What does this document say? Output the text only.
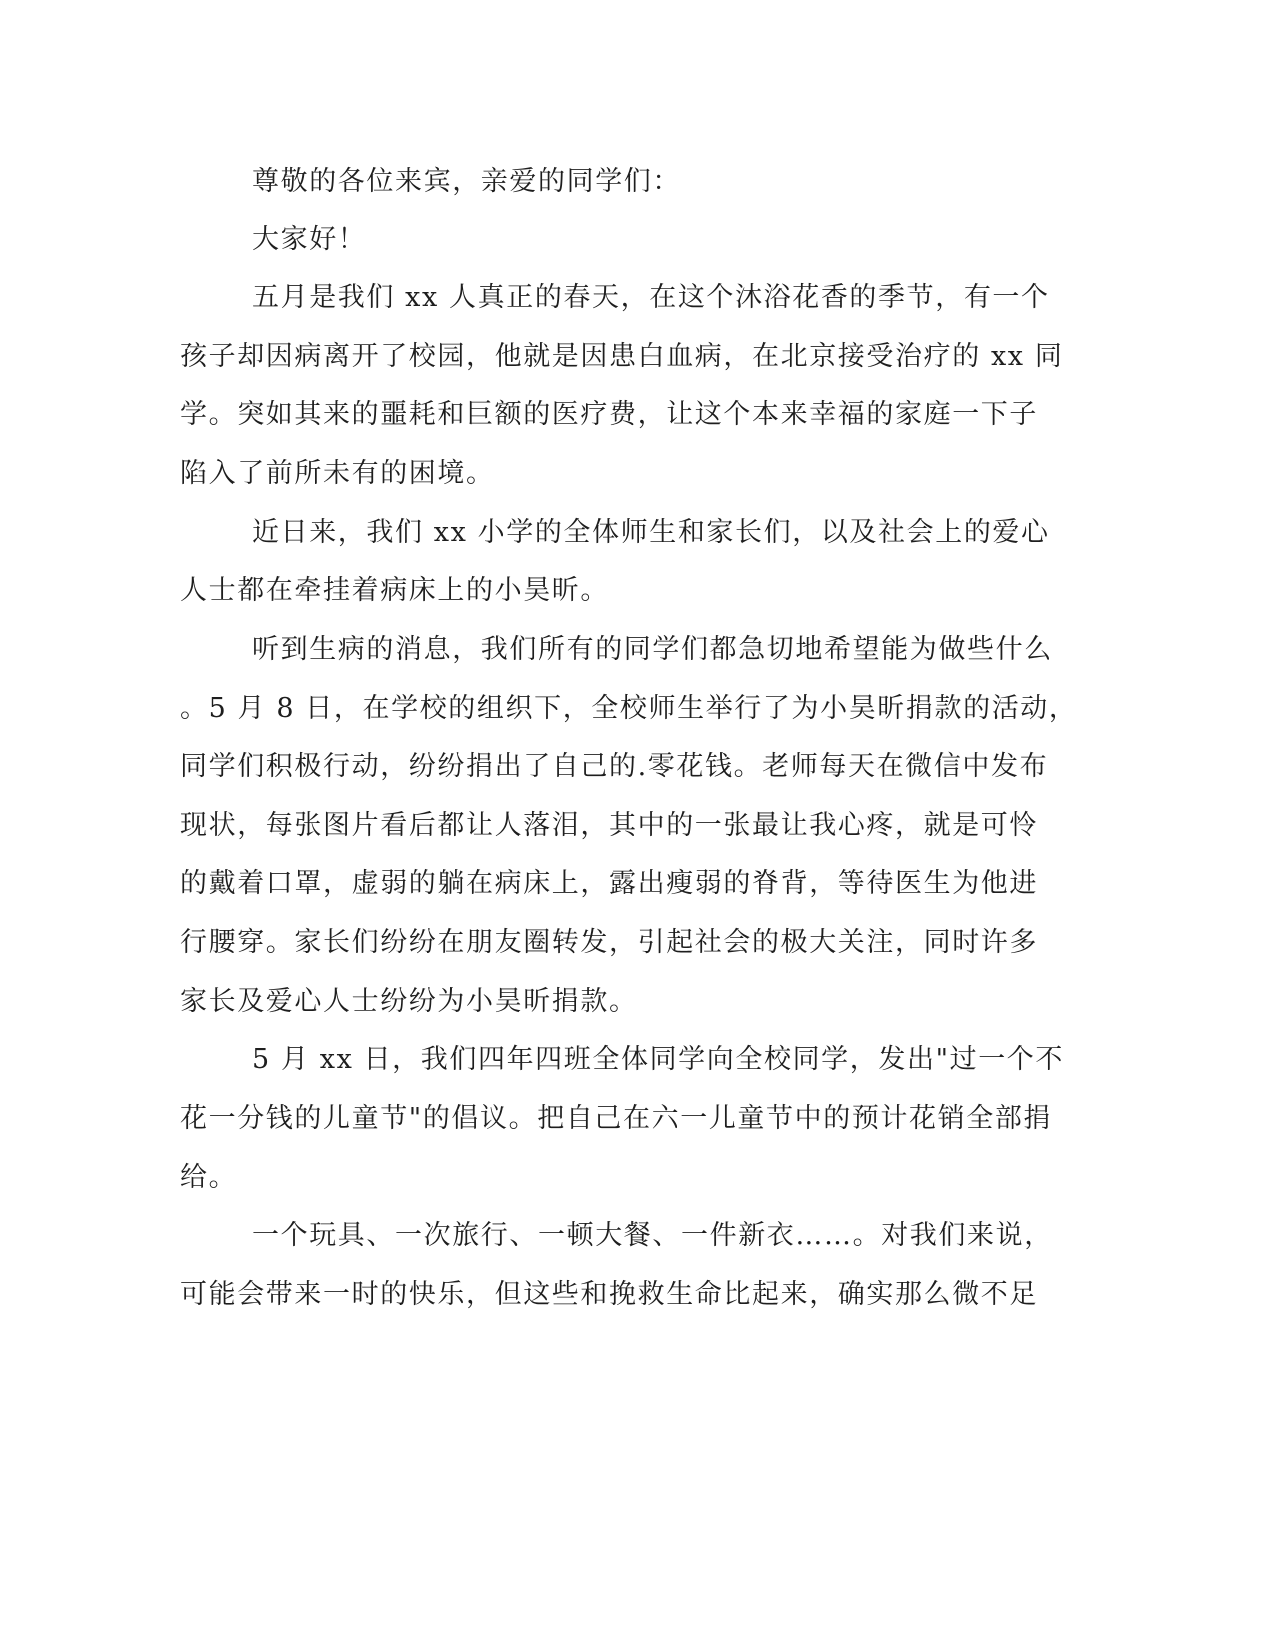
尊敬的各位来宾，亲爱的同学们：

大家好！

五月是我们 xx 人真正的春天，在这个沐浴花香的季节，有一个

孩子却因病离开了校园，他就是因患白血病，在北京接受治疗的 xx 同

学。突如其来的噩耗和巨额的医疗费，让这个本来幸福的家庭一下子

陷入了前所未有的困境。

近日来，我们 xx 小学的全体师生和家长们，以及社会上的爱心

人士都在牵挂着病床上的小昊昕。

听到生病的消息，我们所有的同学们都急切地希望能为做些什么

。5 月 8 日，在学校的组织下，全校师生举行了为小昊昕捐款的活动，

同学们积极行动，纷纷捐出了自己的.零花钱。老师每天在微信中发布

现状，每张图片看后都让人落泪，其中的一张最让我心疼，就是可怜

的戴着口罩，虚弱的躺在病床上，露出瘦弱的脊背，等待医生为他进

行腰穿。家长们纷纷在朋友圈转发，引起社会的极大关注，同时许多

家长及爱心人士纷纷为小昊昕捐款。

5 月 xx 日，我们四年四班全体同学向全校同学，发出"过一个不

花一分钱的儿童节"的倡议。把自己在六一儿童节中的预计花销全部捐

给。

一个玩具、一次旅行、一顿大餐、一件新衣……。对我们来说，

可能会带来一时的快乐，但这些和挽救生命比起来，确实那么微不足
